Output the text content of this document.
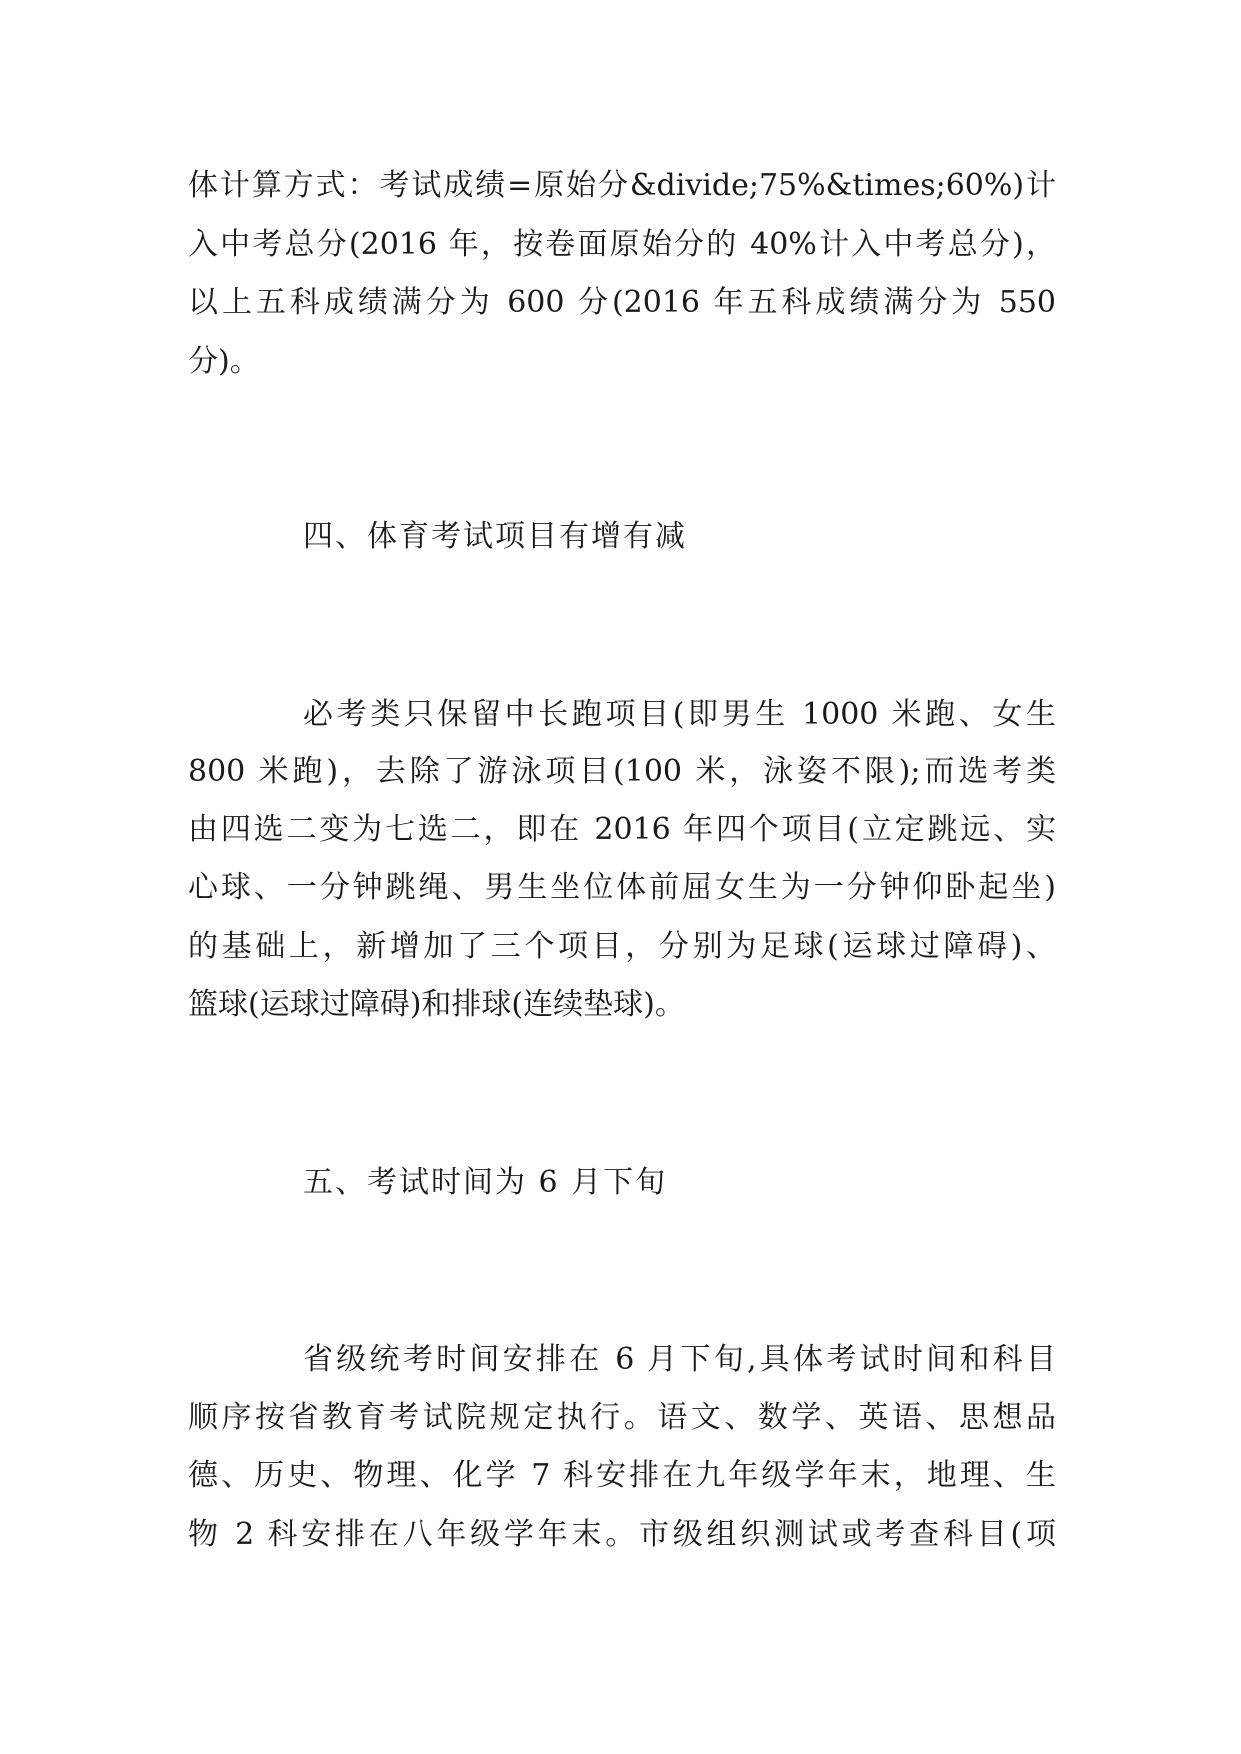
体计算方式：考试成绩=原始分&divide;75%&times;60%)计
入中考总分(2016 年，按卷面原始分的 40%计入中考总分)，
以上五科成绩满分为 600 分(2016 年五科成绩满分为 550
分)。
四、体育考试项目有增有减
必考类只保留中长跑项目(即男生 1000 米跑、女生
800 米跑)，去除了游泳项目(100 米，泳姿不限);而选考类
由四选二变为七选二，即在 2016 年四个项目(立定跳远、实
心球、一分钟跳绳、男生坐位体前屈女生为一分钟仰卧起坐)
的基础上，新增加了三个项目，分别为足球(运球过障碍)、
篮球(运球过障碍)和排球(连续垫球)。
五、考试时间为 6 月下旬
省级统考时间安排在 6 月下旬,具体考试时间和科目
顺序按省教育考试院规定执行。语文、数学、英语、思想品
德、历史、物理、化学 7 科安排在九年级学年末，地理、生
物 2 科安排在八年级学年末。市级组织测试或考查科目(项
